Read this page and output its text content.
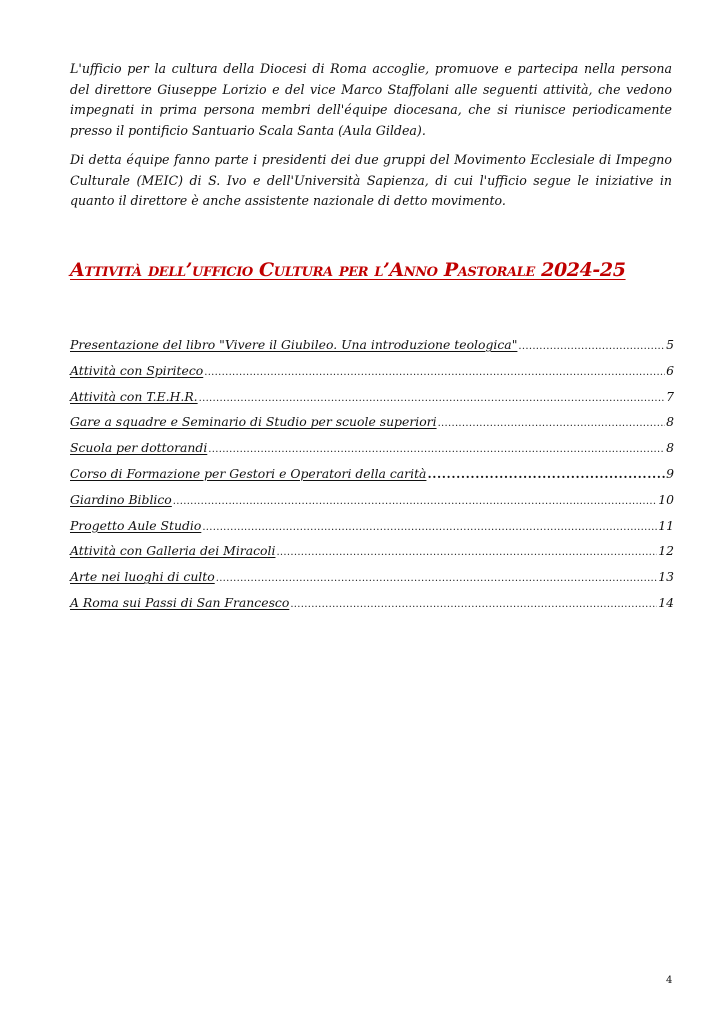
L'ufficio per la cultura della Diocesi di Roma accoglie, promuove e partecipa nella persona del direttore Giuseppe Lorizio e del vice Marco Staffolani alle seguenti attività, che vedono impegnati in prima persona membri dell'équipe diocesana, che si riunisce periodicamente presso il pontificio Santuario Scala Santa (Aula Gildea).

Di detta équipe fanno parte i presidenti dei due gruppi del Movimento Ecclesiale di Impegno Culturale (MEIC) di S. Ivo e dell'Università Sapienza, di cui l'ufficio segue le iniziative in quanto il direttore è anche assistente nazionale di detto movimento.

Attività dell’ufficio Cultura per l’Anno Pastorale 2024-25
Presentazione del libro "Vivere il Giubileo. Una introduzione teologica" .....	5
Attività con Spiriteco .....	6
Attività con T.E.H.R. .....	7
Gare a squadre e Seminario di Studio per scuole superiori .....	8
Scuola per dottorandi .....	8
Corso di Formazione per Gestori e Operatori della carità .....	9
Giardino Biblico .....	10
Progetto Aule Studio .....	11
Attività con Galleria dei Miracoli .....	12
Arte nei luoghi di culto .....	13
A Roma sui Passi di San Francesco .....	14
4
